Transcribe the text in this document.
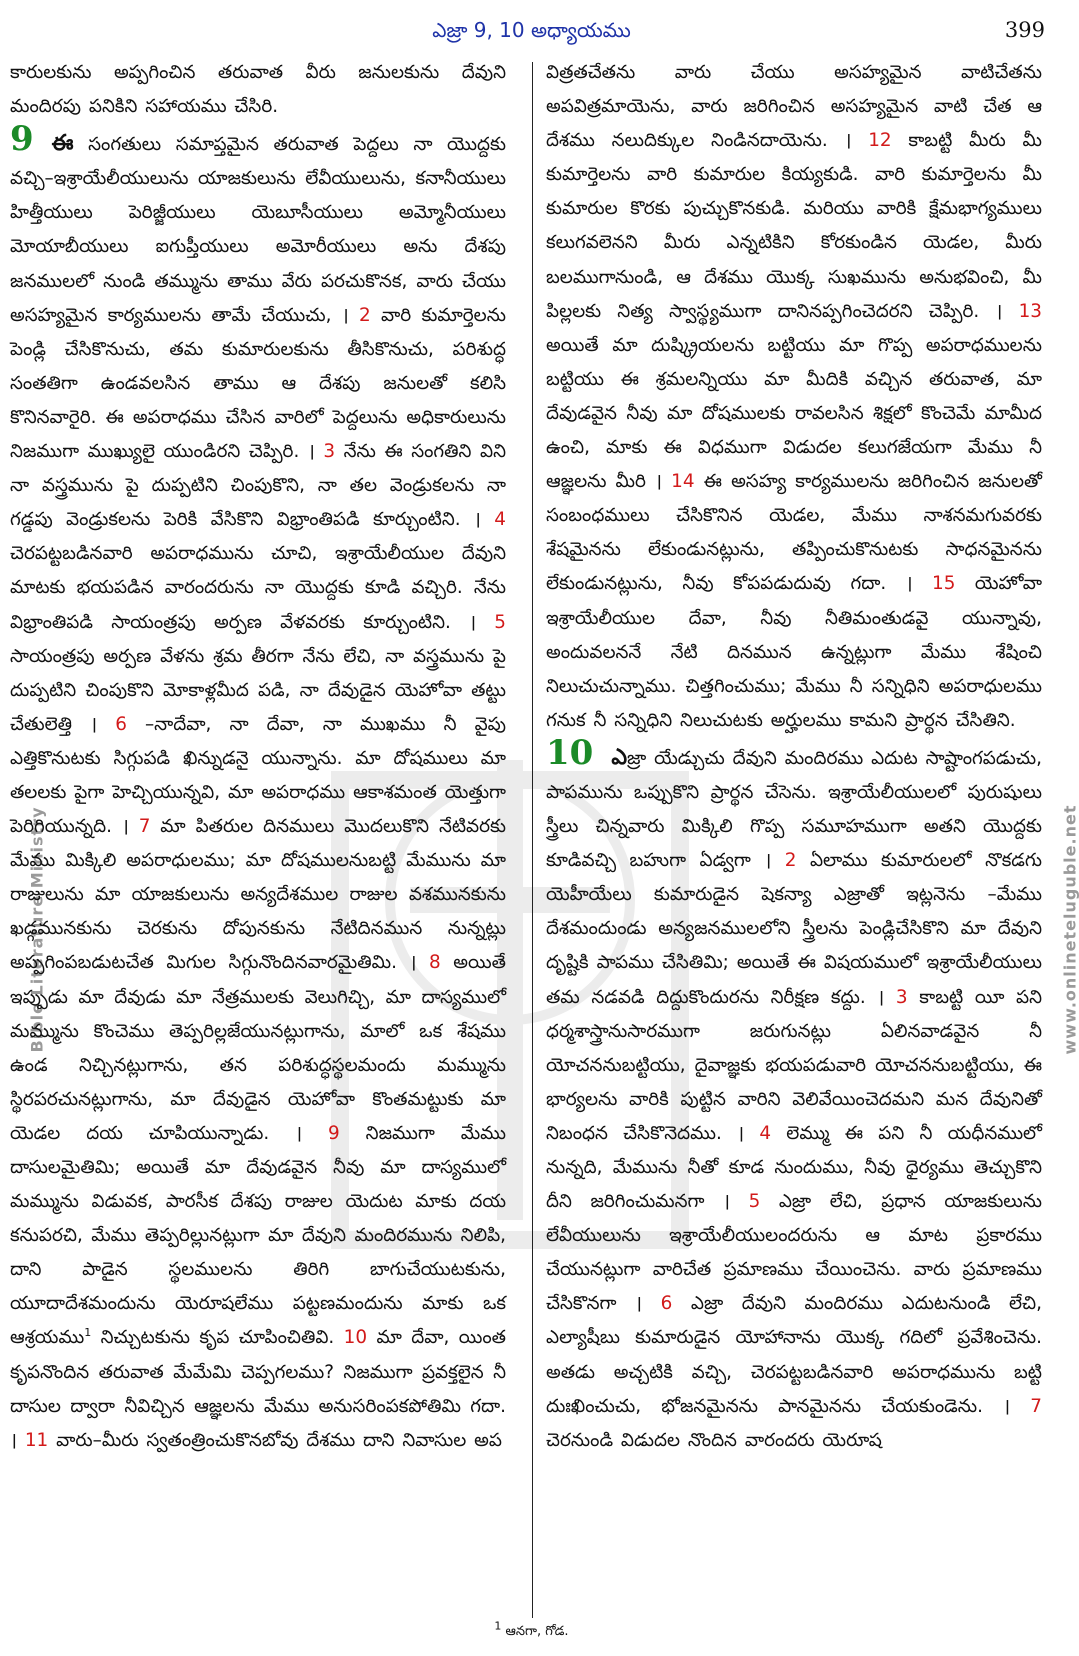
ఎజ్రా 9, 10 అధ్యాయము	399
Bible Literature Ministry	www.onlineteluguble.net

కారులకును అప్పగించిన తరువాత వీరు జనులకును దేవుని మందిరపు పనికిని సహాయము చేసిరి.

9 ఈ సంగతులు సమాప్తమైన తరువాత పెద్దలు నా యొద్దకు వచ్చి–ఇశ్రాయేలీయులును యాజకులును లేవీయులును, కనానీయులు హిత్తీయులు పెరిజ్జీయులు యెబూసీయులు అమ్మోనీయులు మోయాబీయులు ఐగుప్తీయులు అమోరీయులు అను దేశపు జనములలో నుండి తమ్మును తాము వేరు పరచుకొనక, వారు చేయు అసహ్యమైన కార్యములను తామే చేయుచు, । 2 వారి కుమార్తెలను పెండ్లి చేసికొనుచు, తమ కుమారులకును తీసికొనుచు, పరిశుద్ధ సంతతిగా ఉండవలసిన తాము ఆ దేశపు జనులతో కలిసి కొనినవారైరి. ఈ అపరాధము చేసిన వారిలో పెద్దలును అధికారులును నిజముగా ముఖ్యులై యుండిరని చెప్పిరి. । 3 నేను ఈ సంగతిని విని నా వస్త్రమును పై దుప్పటిని చింపుకొని, నా తల వెండ్రుకలను నా గడ్డపు వెండ్రుకలను పెరికి వేసికొని విభ్రాంతిపడి కూర్చుంటిని. । 4 చెరపట్టబడినవారి అపరాధమును చూచి, ఇశ్రాయేలీయుల దేవుని మాటకు భయపడిన వారందరును నా యొద్దకు కూడి వచ్చిరి. నేను విభ్రాంతిపడి సాయంత్రపు అర్పణ వేళవరకు కూర్చుంటిని. । 5 సాయంత్రపు అర్పణ వేళను శ్రమ తీరగా నేను లేచి, నా వస్త్రమును పై దుప్పటిని చింపుకొని మోకాళ్లమీద పడి, నా దేవుడైన యెహోవా తట్టు చేతులెత్తి । 6 –నాదేవా, నా దేవా, నా ముఖము నీ వైపు ఎత్తికొనుటకు సిగ్గుపడి ఖిన్నుడనై యున్నాను. మా దోషములు మా తలలకు పైగా హెచ్చియున్నవి, మా అపరాధము ఆకాశమంత యెత్తుగా పెరిగియున్నది. । 7 మా పితరుల దినములు మొదలుకొని నేటివరకు మేము మిక్కిలి అపరాధులము; మా దోషములనుబట్టి మేమును మా రాజులును మా యాజకులును అన్యదేశముల రాజుల వశమునకును ఖడ్గమునకును చెరకును దోపునకును నేటిదినమున నున్నట్లు అప్పగింపబడుటచేత మిగుల సిగ్గునొందినవారమైతిమి. । 8 అయితే ఇప్పుడు మా దేవుడు మా నేత్రములకు వెలుగిచ్చి, మా దాస్యములో మమ్మును కొంచెము తెప్పరిల్లజేయునట్లుగాను, మాలో ఒక శేషము ఉండ నిచ్చినట్లుగాను, తన పరిశుద్ధస్థలమందు మమ్మును స్థిరపరచునట్లుగాను, మా దేవుడైన యెహోవా కొంతమట్టుకు మా యెడల దయ చూపియున్నాడు. । 9 నిజముగా మేము దాసులమైతిమి; అయితే మా దేవుడవైన నీవు మా దాస్యములో మమ్మును విడువక, పారసీక దేశపు రాజుల యెదుట మాకు దయ కనుపరచి, మేము తెప్పరిల్లునట్లుగా మా దేవుని మందిరమును నిలిపి, దాని పాడైన స్థలములను తిరిగి బాగుచేయుటకును, యూదాదేశమందును యెరూషలేము పట్టణమందును మాకు ఒక ఆశ్రయము$^1$ నిచ్చుటకును కృప చూపించితివి. 10 మా దేవా, యింత కృపనొందిన తరువాత మేమేమి చెప్పగలము? నిజముగా ప్రవక్తలైన నీ దాసుల ద్వారా నీవిచ్చిన ఆజ్ఞలను మేము అనుసరింపకపోతిమి గదా. । 11 వారు–మీరు స్వతంత్రించుకొనబోవు దేశము దాని నివాసుల అప

విత్రతచేతను వారు చేయు అసహ్యమైన వాటిచేతను అపవిత్రమాయెను, వారు జరిగించిన అసహ్యమైన వాటి చేత ఆ దేశము నలుదిక్కుల నిండినదాయెను. । 12 కాబట్టి మీరు మీ కుమార్తెలను వారి కుమారుల కియ్యకుడి. వారి కుమార్తెలను మీ కుమారుల కొరకు పుచ్చుకొనకుడి. మరియు వారికి క్షేమభాగ్యములు కలుగవలెనని మీరు ఎన్నటికిని కోరకుండిన యెడల, మీరు బలముగానుండి, ఆ దేశము యొక్క సుఖమును అనుభవించి, మీ పిల్లలకు నిత్య స్వాస్థ్యముగా దానినప్పగించెదరని చెప్పిరి. । 13 అయితే మా దుష్క్రియలను బట్టియు మా గొప్ప అపరాధములను బట్టియు ఈ శ్రమలన్నియు మా మీదికి వచ్చిన తరువాత, మా దేవుడవైన నీవు మా దోషములకు రావలసిన శిక్షలో కొంచెమే మామీద ఉంచి, మాకు ఈ విధముగా విడుదల కలుగజేయగా మేము నీ ఆజ్ఞలను మీరి । 14 ఈ అసహ్య కార్యములను జరిగించిన జనులతో సంబంధములు చేసికొనిన యెడల, మేము నాశనమగువరకు శేషమైనను లేకుండునట్లును, తప్పించుకొనుటకు సాధనమైనను లేకుండునట్లును, నీవు కోపపడుదువు గదా. । 15 యెహోవా ఇశ్రాయేలీయుల దేవా, నీవు నీతిమంతుడవై యున్నావు, అందువలననే నేటి దినమున ఉన్నట్లుగా మేము శేషించి నిలుచుచున్నాము. చిత్తగించుము; మేము నీ సన్నిధిని అపరాధులము గనుక నీ సన్నిధిని నిలుచుటకు అర్హులము కామని ప్రార్థన చేసితిని.

10 ఎజ్రా యేడ్చుచు దేవుని మందిరము ఎదుట సాష్టాంగపడుచు, పాపమును ఒప్పుకొని ప్రార్థన చేసెను. ఇశ్రాయేలీయులలో పురుషులు స్త్రీలు చిన్నవారు మిక్కిలి గొప్ప సమూహముగా అతని యొద్దకు కూడివచ్చి బహుగా ఏడ్వగా । 2 ఏలాము కుమారులలో నొకడగు యెహీయేలు కుమారుడైన షెకన్యా ఎజ్రాతో ఇట్లనెను –మేము దేశమందుండు అన్యజనములలోని స్త్రీలను పెండ్లిచేసికొని మా దేవుని దృష్టికి పాపము చేసితిమి; అయితే ఈ విషయములో ఇశ్రాయేలీయులు తమ నడవడి దిద్దుకొందురను నిరీక్షణ కద్దు. । 3 కాబట్టి యీ పని ధర్మశాస్త్రానుసారముగా జరుగునట్లు ఏలినవాడవైన నీ యోచననుబట్టియు, దైవాజ్ఞకు భయపడువారి యోచననుబట్టియు, ఈ భార్యలను వారికి పుట్టిన వారిని వెలివేయించెదమని మన దేవునితో నిబంధన చేసికొనెదము. । 4 లెమ్ము ఈ పని నీ యధీనములో నున్నది, మేమును నీతో కూడ నుందుము, నీవు ధైర్యము తెచ్చుకొని దీని జరిగించుమనగా । 5 ఎజ్రా లేచి, ప్రధాన యాజకులును లేవీయులును ఇశ్రాయేలీయులందరును ఆ మాట ప్రకారము చేయునట్లుగా వారిచేత ప్రమాణము చేయించెను. వారు ప్రమాణము చేసికొనగా । 6 ఎజ్రా దేవుని మందిరము ఎదుటనుండి లేచి, ఎల్యాషీబు కుమారుడైన యోహానాను యొక్క గదిలో ప్రవేశించెను. అతడు అచ్చటికి వచ్చి, చెరపట్టబడినవారి అపరాధమును బట్టి దుఃఖించుచు, భోజనమైనను పానమైనను చేయకుండెను. । 7 చెరనుండి విడుదల నొందిన వారందరు యెరూష

$^1$ ఆనగా, గోడ.
